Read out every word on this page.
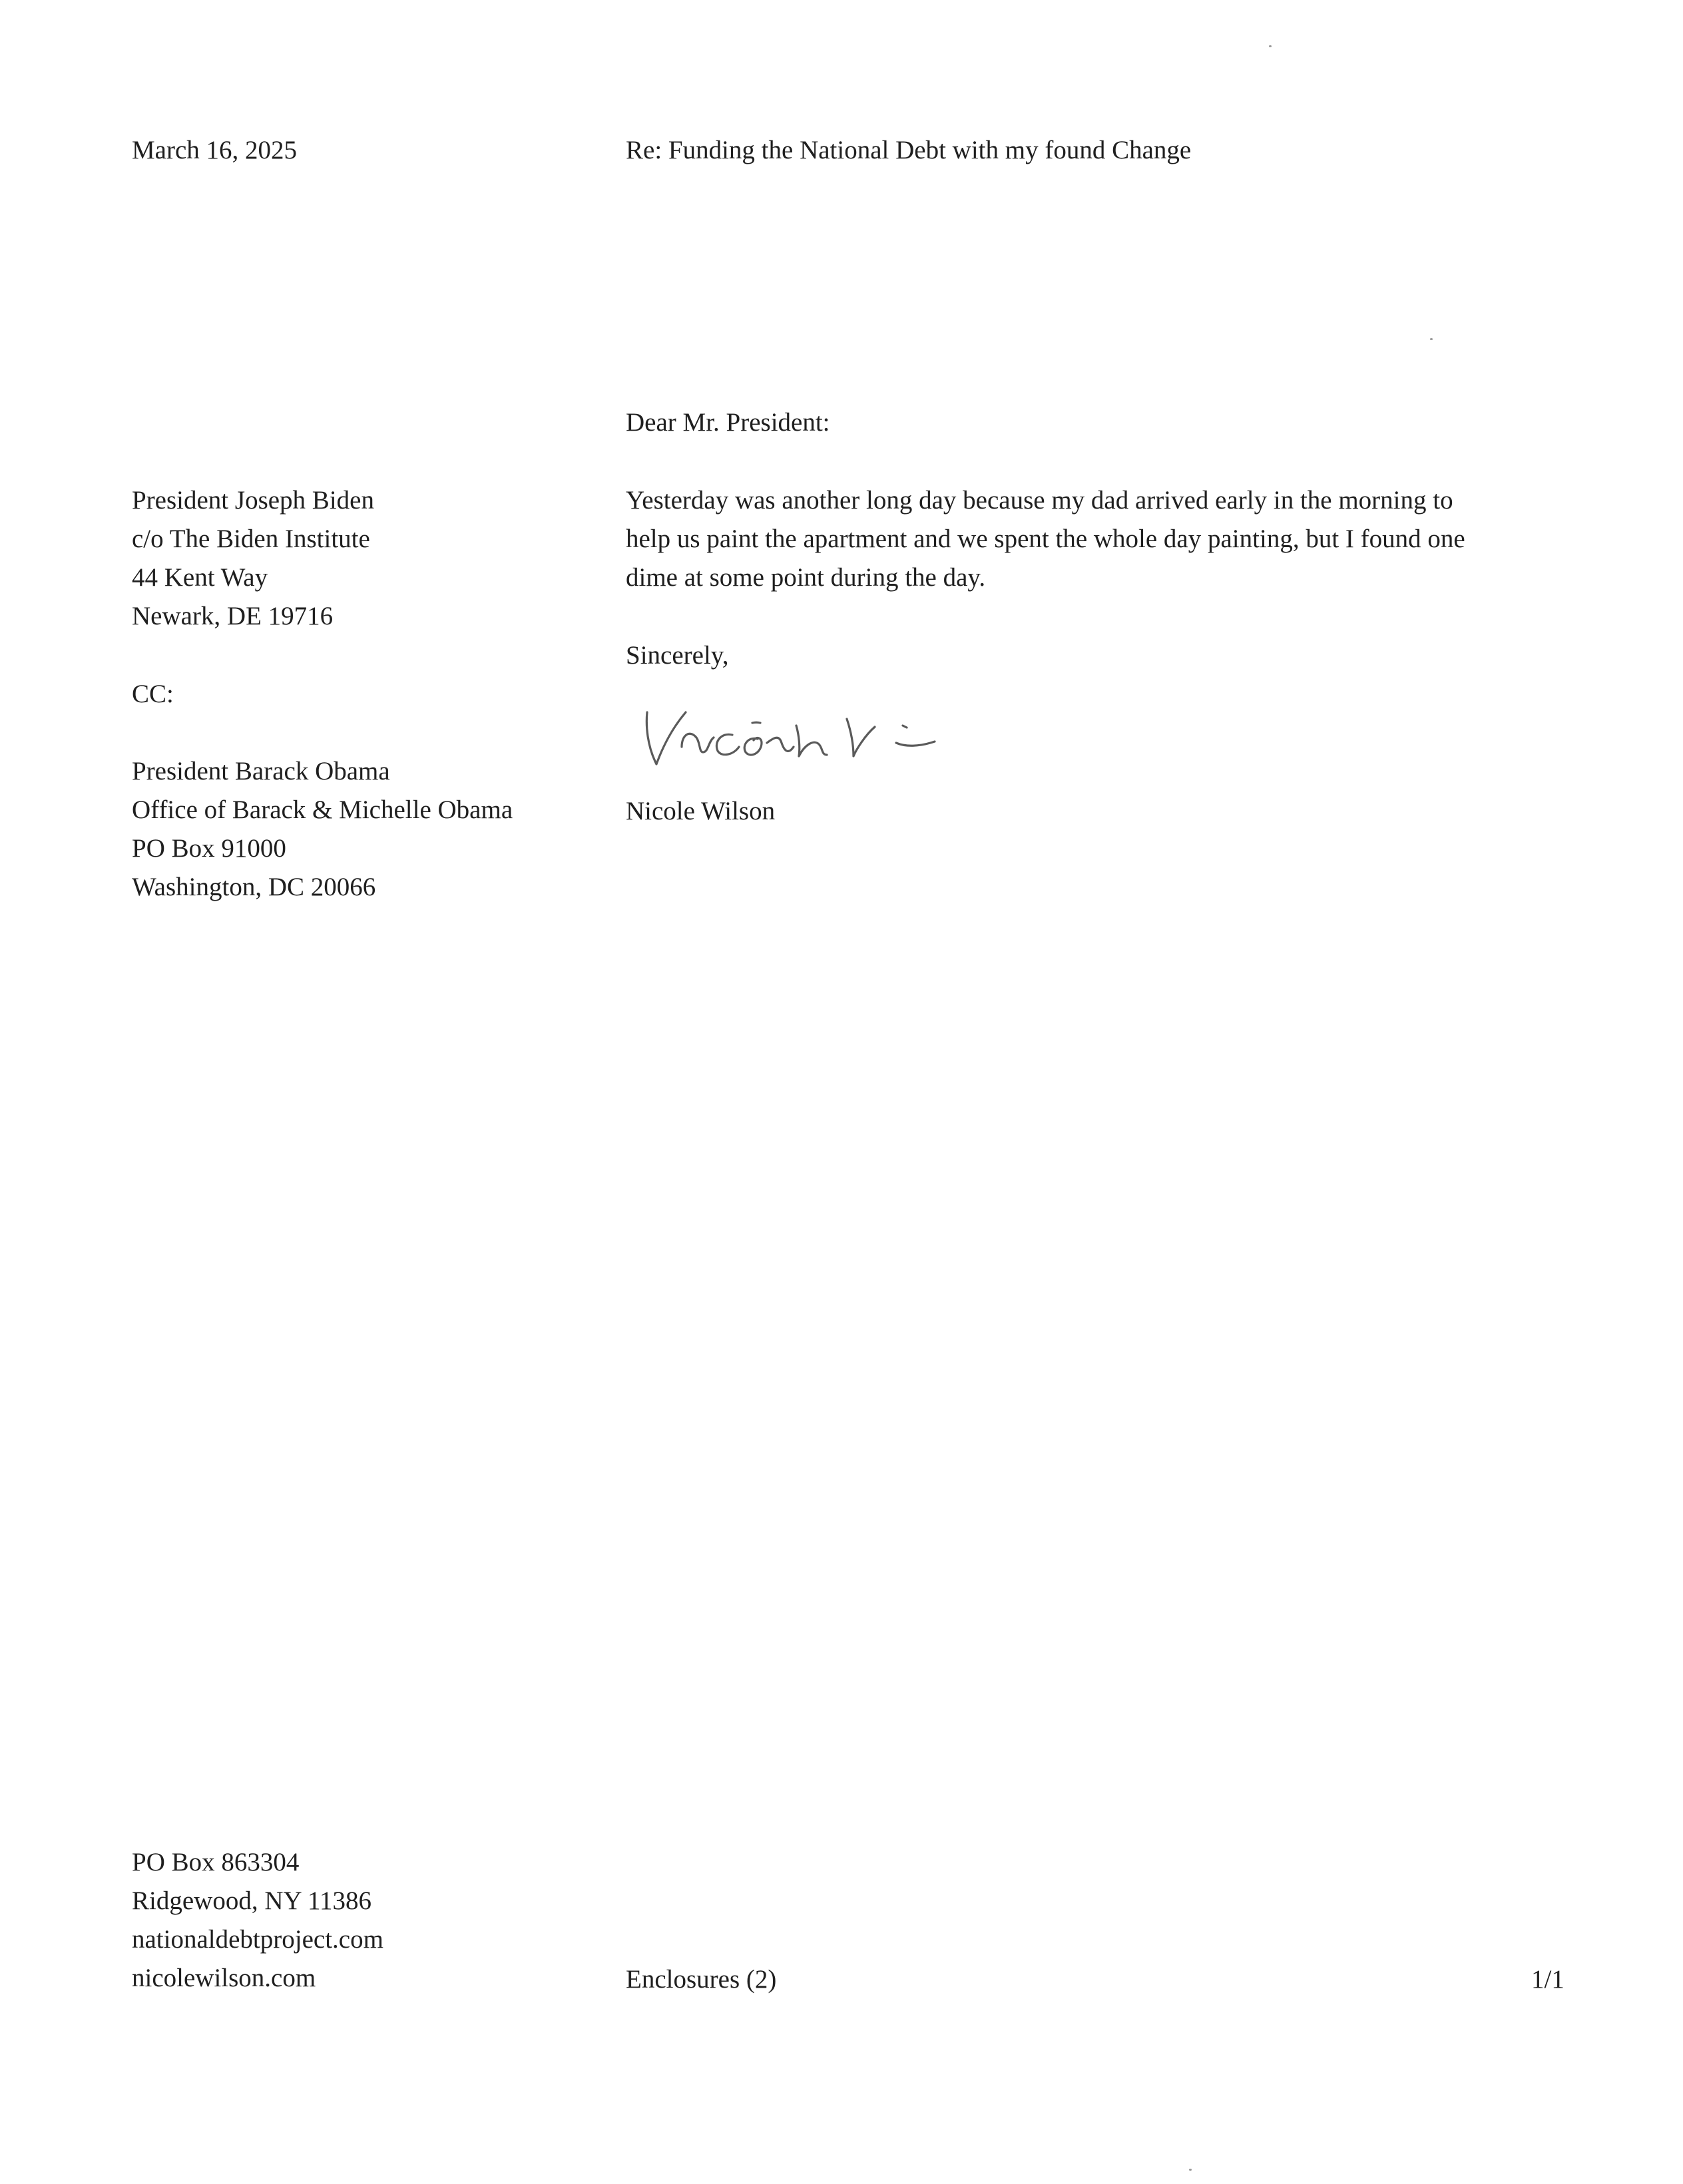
March 16, 2025	Re: Funding the National Debt with my found Change

Dear Mr. President:

President Joseph Biden
c/o The Biden Institute
44 Kent Way
Newark, DE 19716
Yesterday was another long day because my dad arrived early in the morning to
help us paint the apartment and we spent the whole day painting, but I found one
dime at some point during the day.

Sincerely,

CC:

Nicole Wilson

President Barack Obama
Office of Barack & Michelle Obama
PO Box 91000
Washington, DC 20066
PO Box 863304
Ridgewood, NY 11386
nationaldebtproject.com
nicolewilson.com	Enclosures (2)	1/1
